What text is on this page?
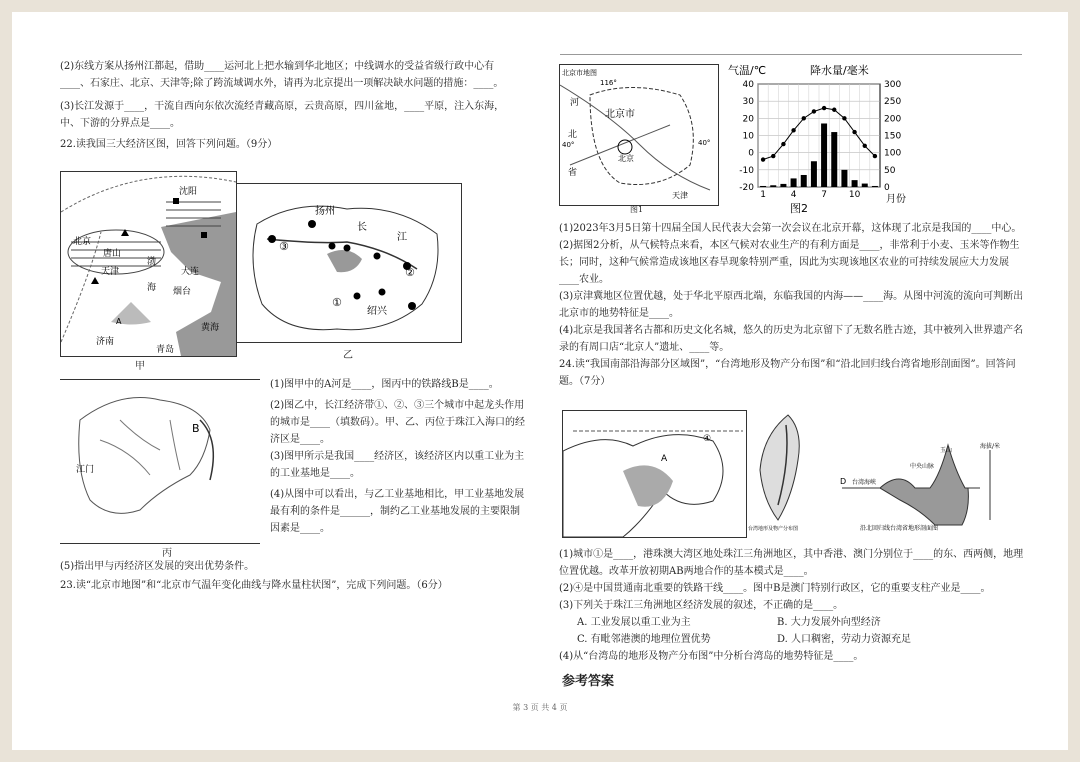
(2)东线方案从扬州江都起，借助____运河北上把水输到华北地区；中线调水的受益省级行政中心有____、石家庄、北京、天津等;除了跨流域调水外，请再为北京提出一项解决缺水问题的措施：____。

(3)长江发源于____，干流自西向东依次流经青藏高原，云贵高原，四川盆地，____平原，注入东海，中、下游的分界点是____。

22.读我国三大经济区图，回答下列问题。（9分）

沈阳
北京
唐山
天津
渤
海
大连
烟台
黄海
济南
青岛
A
甲
扬州
长
江
③
②
①
绍兴
乙
B
江门
丙

(1)图甲中的A河是____，图丙中的铁路线B是____。

(2)图乙中，长江经济带①、②、③三个城市中起龙头作用的城市是____（填数码）。甲、乙、丙位于珠江入海口的经济区是____。

(3)图甲所示是我国____经济区，该经济区内以重工业为主的工业基地是____。

(4)从图中可以看出，与乙工业基地相比，甲工业基地发展最有利的条件是______，制约乙工业基地发展的主要限制因素是____。

(5)指出甲与丙经济区发展的突出优势条件。

23.读“北京市地图”和“北京市气温年变化曲线与降水量柱状图”，完成下列问题。（6分）

北京市地图
116°
河
北京市
北
40°	40°
北京
省
天津
图1
气温/℃	降水量/毫米
月份
图2
-20
-10
0
10
20
30
40
0
50
100
150
200
250
300
1	4	7 10

(1)2023年3月5日第十四届全国人民代表大会第一次会议在北京开幕，这体现了北京是我国的____中心。

(2)据图2分析，从气候特点来看，本区气候对农业生产的有利方面是____，非常利于小麦、玉米等作物生长；同时，这种气候常造成该地区春旱现象特别严重，因此为实现该地区农业的可持续发展应大力发展____农业。

(3)京津冀地区位置优越，处于华北平原西北端，东临我国的内海——____海。从图中河流的流向可判断出北京市的地势特征是____。

(4)北京是我国著名古都和历史文化名城，悠久的历史为北京留下了无数名胜古迹，其中被列入世界遗产名录的有周口店“北京人”遗址、____等。

24.读“我国南部沿海部分区域图”，“台湾地形及物产分布图”和“沿北回归线台湾省地形剖面图”。回答问题。（7分）

A
④
台湾地形及物产分布图
D 台湾海峡
中央山脉
玉山
海拔/米
沿北回归线台湾省地形剖面图

(1)城市①是____，港珠澳大湾区地处珠江三角洲地区，其中香港、澳门分别位于____的东、西两侧，地理位置优越。改革开放初期AB两地合作的基本模式是____。

(2)④是中国贯通南北重要的铁路干线____。图中B是澳门特别行政区，它的重要支柱产业是____。

(3)下列关于珠江三角洲地区经济发展的叙述，不正确的是____。

A. 工业发展以重工业为主	B. 大力发展外向型经济
C. 有毗邻港澳的地理位置优势	D. 人口稠密，劳动力资源充足

(4)从“台湾岛的地形及物产分布图”中分析台湾岛的地势特征是____。

参考答案
第 3 页 共 4 页
